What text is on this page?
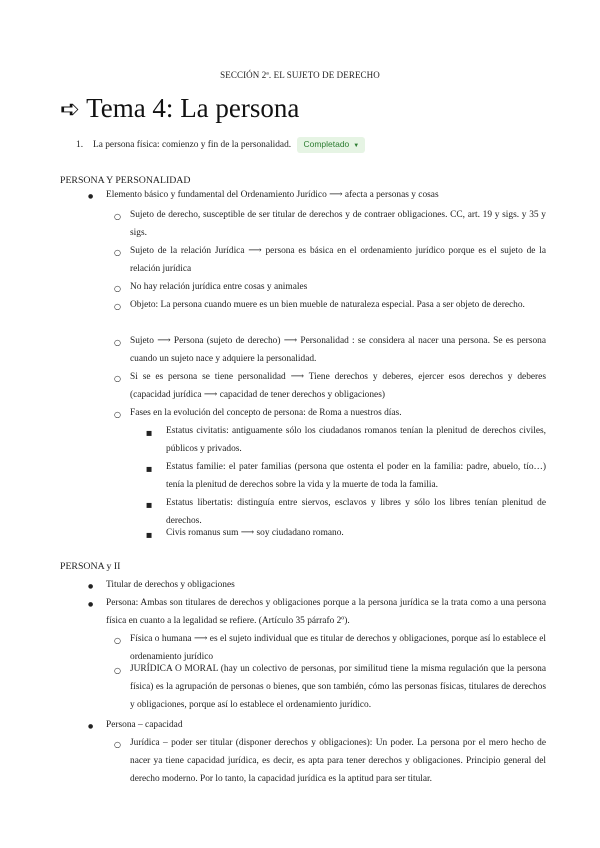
SECCIÓN 2ª. EL SUJETO DE DERECHO
➪ Tema 4: La persona
1. La persona física: comienzo y fin de la personalidad. Completado ▼
PERSONA Y PERSONALIDAD
● Elemento básico y fundamental del Ordenamiento Jurídico ⟶ afecta a personas y cosas

○ Sujeto de derecho, susceptible de ser titular de derechos y de contraer obligaciones. CC, art. 19 y sigs. y 35 y sigs.

○ Sujeto de la relación Jurídica ⟶ persona es básica en el ordenamiento jurídico porque es el sujeto de la relación jurídica

○ No hay relación jurídica entre cosas y animales

○ Objeto: La persona cuando muere es un bien mueble de naturaleza especial. Pasa a ser objeto de derecho.

○ Sujeto ⟶ Persona (sujeto de derecho) ⟶ Personalidad : se considera al nacer una persona. Se es persona cuando un sujeto nace y adquiere la personalidad.

○ Si se es persona se tiene personalidad ⟶ Tiene derechos y deberes, ejercer esos derechos y deberes (capacidad jurídica ⟶ capacidad de tener derechos y obligaciones)

○ Fases en la evolución del concepto de persona: de Roma a nuestros días.

■ Estatus civitatis: antiguamente sólo los ciudadanos romanos tenían la plenitud de derechos civiles, públicos y privados.

■ Estatus familie: el pater familias (persona que ostenta el poder en la familia: padre, abuelo, tío…) tenía la plenitud de derechos sobre la vida y la muerte de toda la familia.

■ Estatus libertatis: distinguía entre siervos, esclavos y libres y sólo los libres tenían plenitud de derechos.

■ Civis romanus sum ⟶ soy ciudadano romano.

PERSONA y II
● Titular de derechos y obligaciones

● Persona: Ambas son titulares de derechos y obligaciones porque a la persona jurídica se la trata como a una persona física en cuanto a la legalidad se refiere. (Artículo 35 párrafo 2º).

○ Física o humana ⟶ es el sujeto individual que es titular de derechos y obligaciones, porque así lo establece el ordenamiento jurídico

○ JURÍDICA O MORAL (hay un colectivo de personas, por similitud tiene la misma regulación que la persona física) es la agrupación de personas o bienes, que son también, cómo las personas físicas, titulares de derechos y obligaciones, porque así lo establece el ordenamiento jurídico.

● Persona – capacidad

○ Jurídica – poder ser titular (disponer derechos y obligaciones): Un poder. La persona por el mero hecho de nacer ya tiene capacidad jurídica, es decir, es apta para tener derechos y obligaciones. Principio general del derecho moderno. Por lo tanto, la capacidad jurídica es la aptitud para ser titular.
